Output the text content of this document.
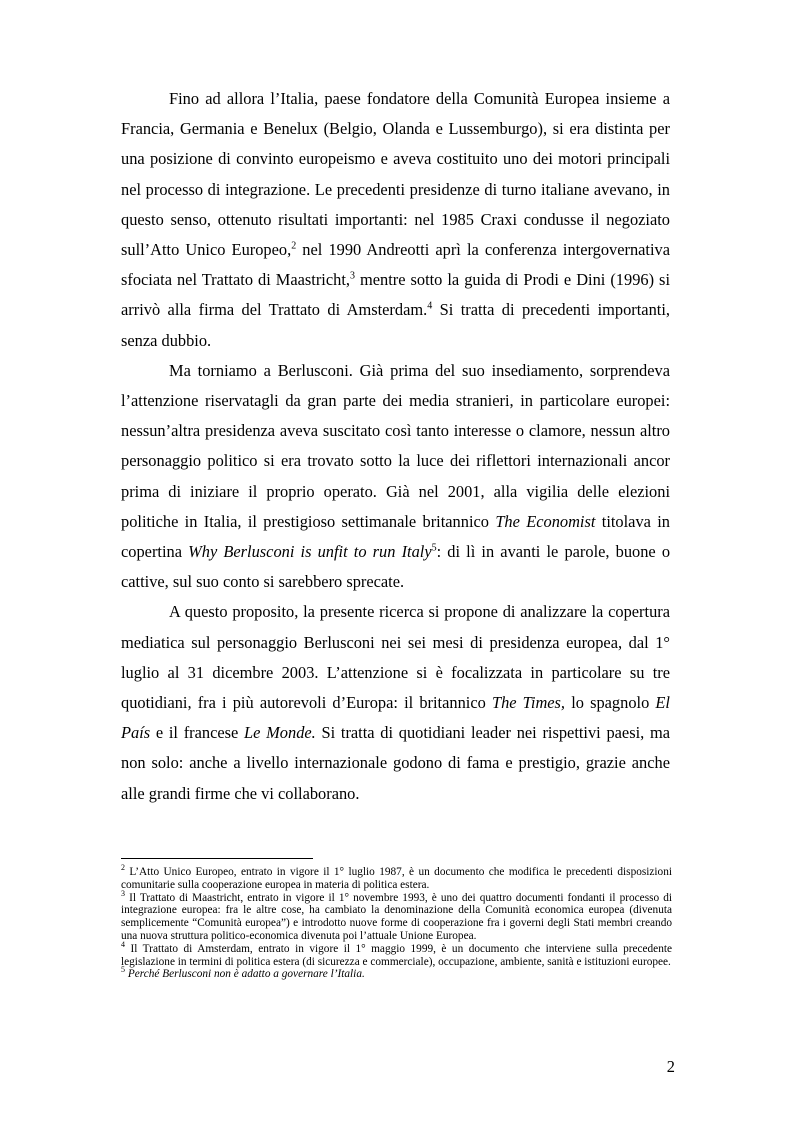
Fino ad allora l’Italia, paese fondatore della Comunità Europea insieme a Francia, Germania e Benelux (Belgio, Olanda e Lussemburgo), si era distinta per una posizione di convinto europeismo e aveva costituito uno dei motori principali nel processo di integrazione. Le precedenti presidenze di turno italiane avevano, in questo senso, ottenuto risultati importanti: nel 1985 Craxi condusse il negoziato sull’Atto Unico Europeo,$^2$ nel 1990 Andreotti aprì la conferenza intergovernativa sfociata nel Trattato di Maastricht,$^3$ mentre sotto la guida di Prodi e Dini (1996) si arrivò alla firma del Trattato di Amsterdam.$^4$ Si tratta di precedenti importanti, senza dubbio.

Ma torniamo a Berlusconi. Già prima del suo insediamento, sorprendeva l’attenzione riservatagli da gran parte dei media stranieri, in particolare europei: nessun’altra presidenza aveva suscitato così tanto interesse o clamore, nessun altro personaggio politico si era trovato sotto la luce dei riflettori internazionali ancor prima di iniziare il proprio operato. Già nel 2001, alla vigilia delle elezioni politiche in Italia, il prestigioso settimanale britannico The Economist titolava in copertina Why Berlusconi is unfit to run Italy$^5$: di lì in avanti le parole, buone o cattive, sul suo conto si sarebbero sprecate.

A questo proposito, la presente ricerca si propone di analizzare la copertura mediatica sul personaggio Berlusconi nei sei mesi di presidenza europea, dal 1° luglio al 31 dicembre 2003. L’attenzione si è focalizzata in particolare su tre quotidiani, fra i più autorevoli d’Europa: il britannico The Times, lo spagnolo El País e il francese Le Monde. Si tratta di quotidiani leader nei rispettivi paesi, ma non solo: anche a livello internazionale godono di fama e prestigio, grazie anche alle grandi firme che vi collaborano.

$^2$ L’Atto Unico Europeo, entrato in vigore il 1° luglio 1987, è un documento che modifica le precedenti disposizioni comunitarie sulla cooperazione europea in materia di politica estera.

$^3$ Il Trattato di Maastricht, entrato in vigore il 1° novembre 1993, è uno dei quattro documenti fondanti il processo di integrazione europea: fra le altre cose, ha cambiato la denominazione della Comunità economica europea (divenuta semplicemente “Comunità europea”) e introdotto nuove forme di cooperazione fra i governi degli Stati membri creando una nuova struttura politico-economica divenuta poi l’attuale Unione Europea.

$^4$ Il Trattato di Amsterdam, entrato in vigore il 1° maggio 1999, è un documento che interviene sulla precedente legislazione in termini di politica estera (di sicurezza e commerciale), occupazione, ambiente, sanità e istituzioni europee.

$^5$ Perché Berlusconi non è adatto a governare l’Italia.

2
